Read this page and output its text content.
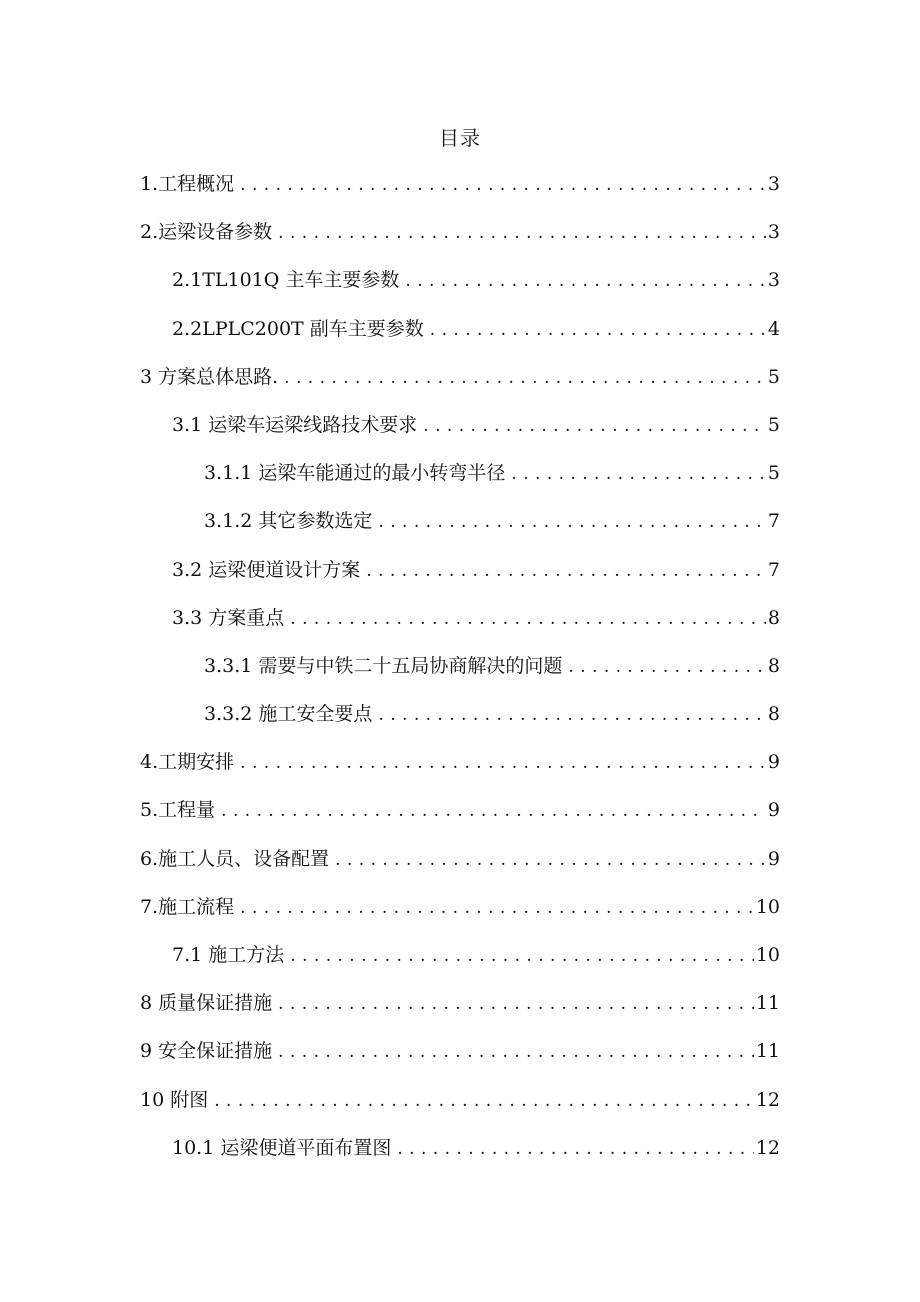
目录
1.工程概况 . . .	3
2.运梁设备参数 . . .	3
2.1TL101Q 主车主要参数 . . .	3
2.2LPLC200T 副车主要参数 . . .	4
3 方案总体思路. . . .	5
3.1 运梁车运梁线路技术要求 . . .	5
3.1.1 运梁车能通过的最小转弯半径 . . .	5
3.1.2 其它参数选定 . . .	7
3.2 运梁便道设计方案 . . .	7
3.3 方案重点 . . .	8
3.3.1 需要与中铁二十五局协商解决的问题 . . .	8
3.3.2 施工安全要点 . . .	8
4.工期安排 . . .	9
5.工程量 . . .	9
6.施工人员、设备配置 . . .	9
7.施工流程 . . .	10
7.1 施工方法 . . .	10
8 质量保证措施 . . .	11
9 安全保证措施 . . .	11
10 附图 . . .	12
10.1 运梁便道平面布置图 . . .	12
